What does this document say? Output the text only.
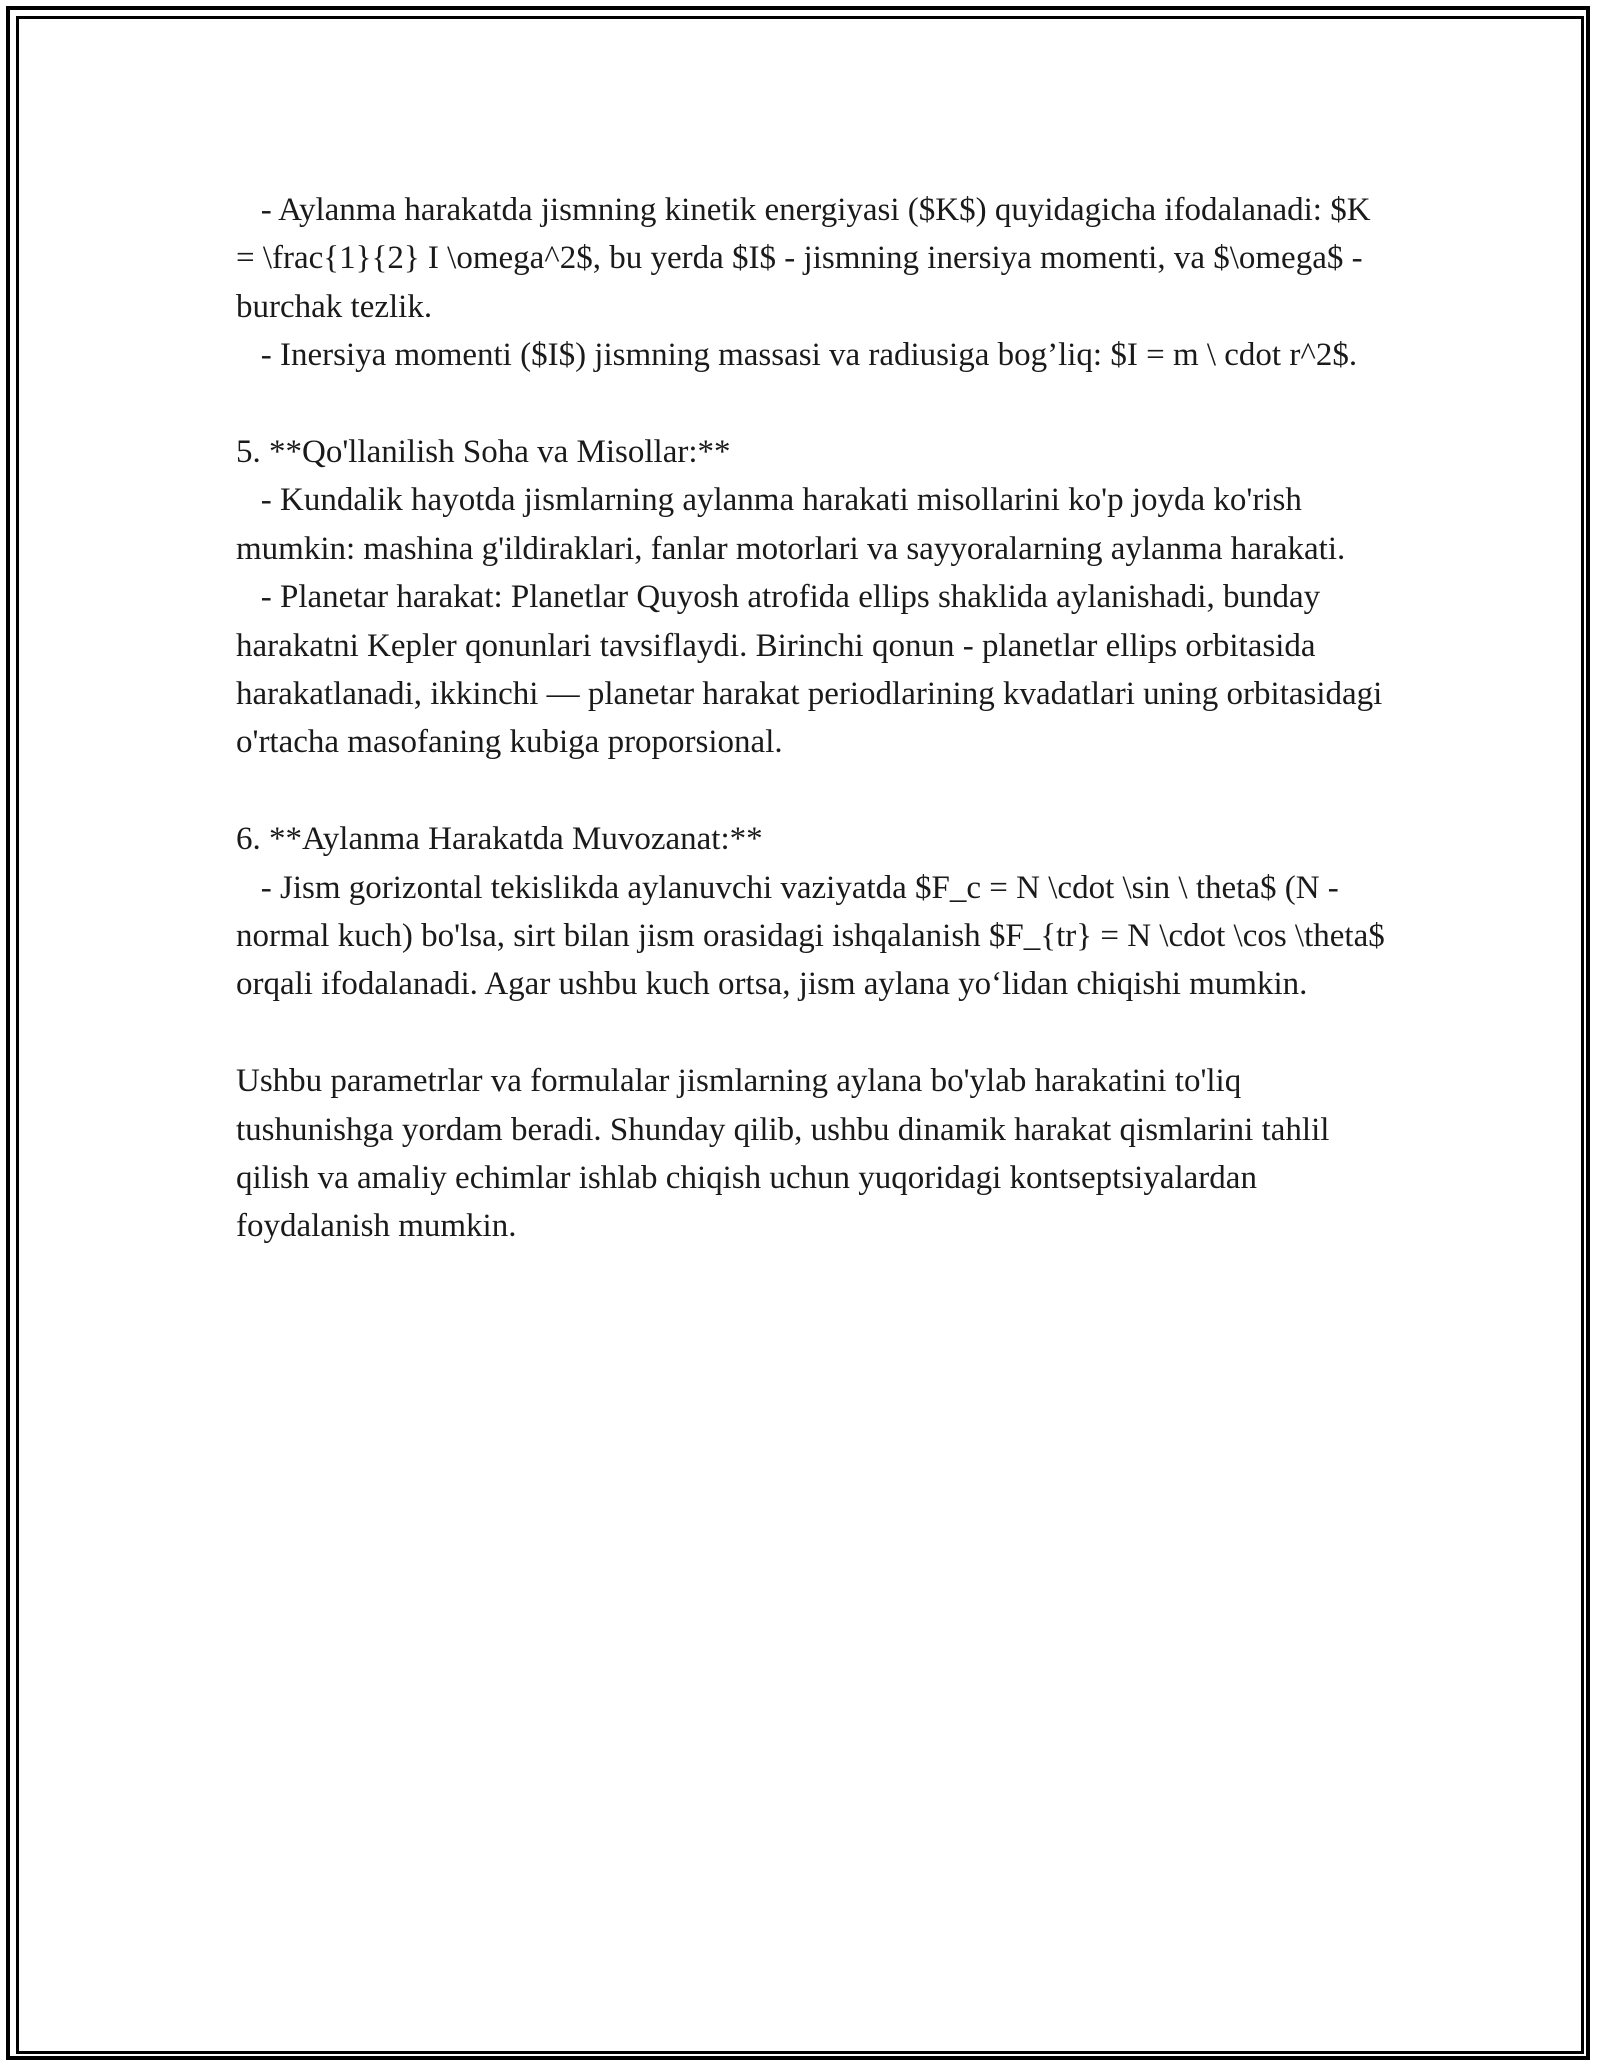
- Aylanma harakatda jismning kinetik energiyasi ($K$) quyidagicha ifodalanadi: $K = \frac{1}{2} I \omega^2$, bu yerda $I$ - jismning inersiya momenti, va $\omega$ - burchak tezlik.

- Inersiya momenti ($I$) jismning massasi va radiusiga bog’liq: $I = m \ cdot r^2$.

5. **Qo'llanilish Soha va Misollar:**

- Kundalik hayotda jismlarning aylanma harakati misollarini ko'p joyda ko'rish mumkin: mashina g'ildiraklari, fanlar motorlari va sayyoralarning aylanma harakati.

- Planetar harakat: Planetlar Quyosh atrofida ellips shaklida aylanishadi, bunday harakatni Kepler qonunlari tavsiflaydi. Birinchi qonun - planetlar ellips orbitasida harakatlanadi, ikkinchi — planetar harakat periodlarining kvadatlari uning orbitasidagi o'rtacha masofaning kubiga proporsional.

6. **Aylanma Harakatda Muvozanat:**

- Jism gorizontal tekislikda aylanuvchi vaziyatda $F_c = N \cdot \sin \ theta$ (N - normal kuch) bo'lsa, sirt bilan jism orasidagi ishqalanish $F_{tr} = N \cdot \cos \theta$ orqali ifodalanadi. Agar ushbu kuch ortsa, jism aylana yo‘lidan chiqishi mumkin.

Ushbu parametrlar va formulalar jismlarning aylana bo'ylab harakatini to'liq tushunishga yordam beradi. Shunday qilib, ushbu dinamik harakat qismlarini tahlil qilish va amaliy echimlar ishlab chiqish uchun yuqoridagi kontseptsiyalardan foydalanish mumkin.
